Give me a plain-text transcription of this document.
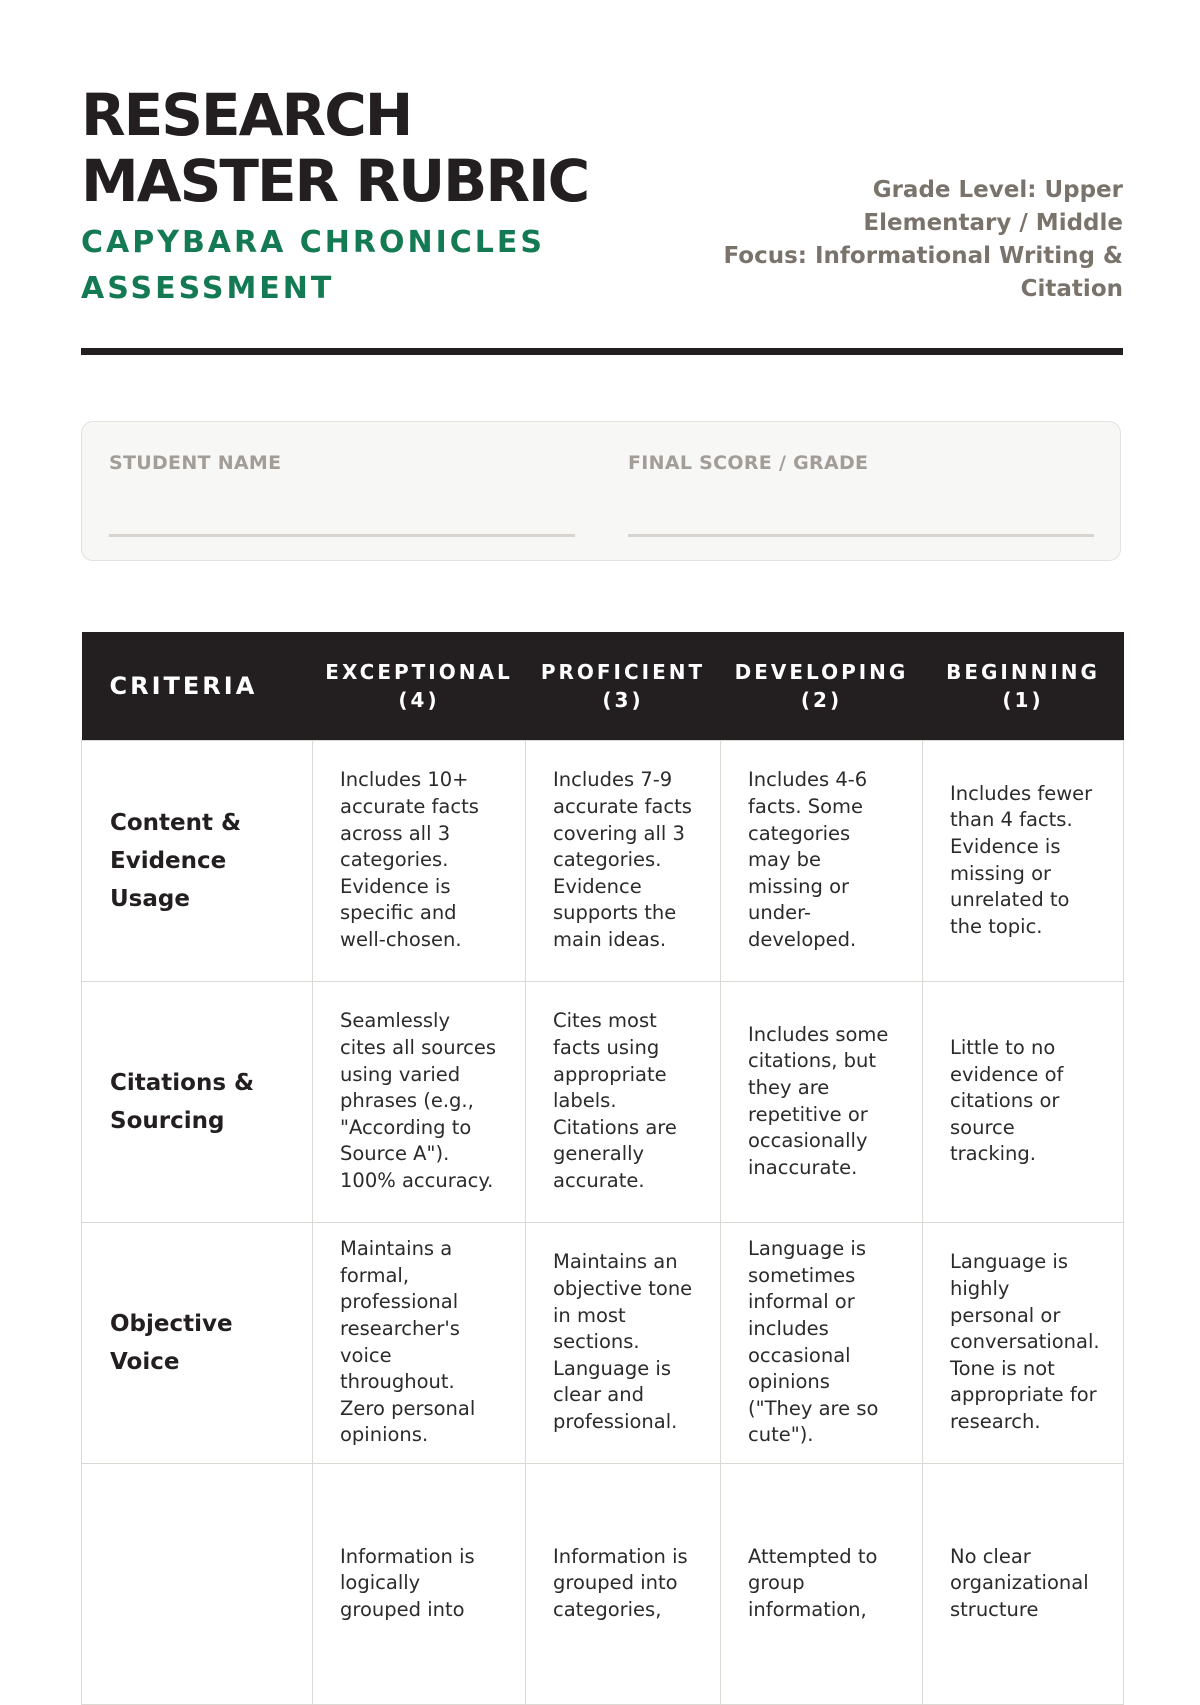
RESEARCH MASTER RUBRIC
CAPYBARA CHRONICLES ASSESSMENT
Grade Level: Upper Elementary / Middle
Focus: Informational Writing & Citation
STUDENT NAME	FINAL SCORE / GRADE
CRITERIA	EXCEPTIONAL (4)	PROFICIENT (3)	DEVELOPING (2)	BEGINNING (1)
Content & Evidence Usage	Includes 10+ accurate facts across all 3 categories. Evidence is specific and well-chosen.	Includes 7-9 accurate facts covering all 3 categories. Evidence supports the main ideas.	Includes 4-6 facts. Some categories may be missing or under-developed.	Includes fewer than 4 facts. Evidence is missing or unrelated to the topic.
Citations & Sourcing	Seamlessly cites all sources using varied phrases (e.g., "According to Source A"). 100% accuracy.	Cites most facts using appropriate labels. Citations are generally accurate.	Includes some citations, but they are repetitive or occasionally inaccurate.	Little to no evidence of citations or source tracking.
Objective Voice	Maintains a formal, professional researcher's voice throughout. Zero personal opinions.	Maintains an objective tone in most sections. Language is clear and professional.	Language is sometimes informal or includes occasional opinions ("They are so cute").	Language is highly personal or conversational. Tone is not appropriate for research.
	Information is logically grouped into	Information is grouped into categories,	Attempted to group information,	No clear organizational structure
